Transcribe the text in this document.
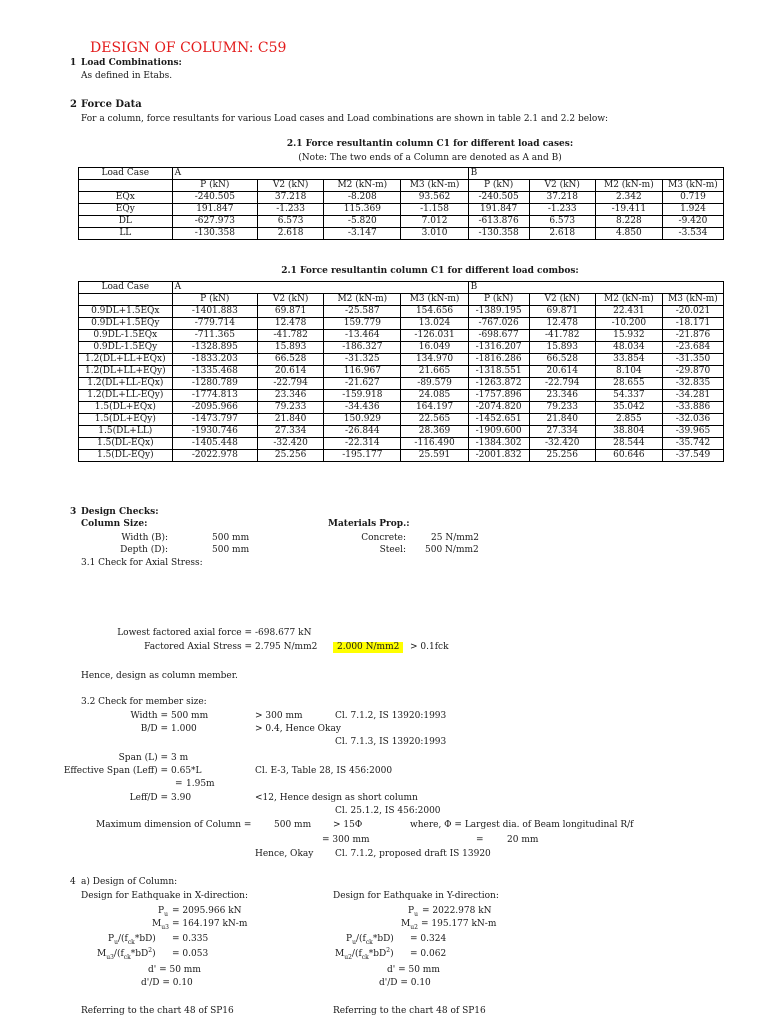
DESIGN OF COLUMN: C59
1 Load Combinations:
As defined in Etabs.
2 Force Data
For a column, force resultants for various Load cases and Load combinations are shown in table 2.1 and 2.2 below:
2.1 Force resultantin column C1 for different load cases:
(Note: The two ends of a Column are denoted as A and B)
Load Case	A				B			
	P (kN)	V2 (kN)	M2 (kN-m)	M3 (kN-m)	P (kN)	V2 (kN)	M2 (kN-m)	M3 (kN-m)
EQx	-240.505	37.218	-8.208	93.562	-240.505	37.218	2.342	0.719
EQy	191.847	-1.233	115.369	-1.158	191.847	-1.233	-19.411	1.924
DL	-627.973	6.573	-5.820	7.012	-613.876	6.573	8.228	-9.420
LL	-130.358	2.618	-3.147	3.010	-130.358	2.618	4.850	-3.534
2.1 Force resultantin column C1 for different load combos:
Load Case	A				B			
	P (kN)	V2 (kN)	M2 (kN-m)	M3 (kN-m)	P (kN)	V2 (kN)	M2 (kN-m)	M3 (kN-m)
0.9DL+1.5EQx	-1401.883	69.871	-25.587	154.656	-1389.195	69.871	22.431	-20.021
0.9DL+1.5EQy	-779.714	12.478	159.779	13.024	-767.026	12.478	-10.200	-18.171
0.9DL-1.5EQx	-711.365	-41.782	-13.464	-126.031	-698.677	-41.782	15.932	-21.876
0.9DL-1.5EQy	-1328.895	15.893	-186.327	16.049	-1316.207	15.893	48.034	-23.684
1.2(DL+LL+EQx)	-1833.203	66.528	-31.325	134.970	-1816.286	66.528	33.854	-31.350
1.2(DL+LL+EQy)	-1335.468	20.614	116.967	21.665	-1318.551	20.614	8.104	-29.870
1.2(DL+LL-EQx)	-1280.789	-22.794	-21.627	-89.579	-1263.872	-22.794	28.655	-32.835
1.2(DL+LL-EQy)	-1774.813	23.346	-159.918	24.085	-1757.896	23.346	54.337	-34.281
1.5(DL+EQx)	-2095.966	79.233	-34.436	164.197	-2074.820	79.233	35.042	-33.886
1.5(DL+EQy)	-1473.797	21.840	150.929	22.565	-1452.651	21.840	2.855	-32.036
1.5(DL+LL)	-1930.746	27.334	-26.844	28.369	-1909.600	27.334	38.804	-39.965
1.5(DL-EQx)	-1405.448	-32.420	-22.314	-116.490	-1384.302	-32.420	28.544	-35.742
1.5(DL-EQy)	-2022.978	25.256	-195.177	25.591	-2001.832	25.256	60.646	-37.549
3 Design Checks:
Column Size:	Materials Prop.:
Width (B):	500 mm	Concrete:	25 N/mm2
Depth (D):	500 mm	Steel: 500 N/mm2
3.1 Check for Axial Stress:
Lowest factored axial force = -698.677 kN
Factored Axial Stress = 2.795 N/mm2	2.000 N/mm2	> 0.1fck
Hence, design as column member.
3.2 Check for member size:
Width = 500 mm	> 300 mm	Cl. 7.1.2, IS 13920:1993
B/D = 1.000	> 0.4, Hence Okay
Cl. 7.1.3, IS 13920:1993
Span (L) = 3 m
Effective Span (Leff) = 0.65*L	Cl. E-3, Table 28, IS 456:2000
= 1.95m
Leff/D = 3.90	<12, Hence design as short column
Cl. 25.1.2, IS 456:2000
Maximum dimension of Column =	500 mm > 15Φ	where, Φ = Largest dia. of Beam longitudinal R/f
= 300 mm	=	20 mm
Hence, Okay Cl. 7.1.2, proposed draft IS 13920
4 a) Design of Column:
Design for Eathquake in X-direction:	Design for Eathquake in Y-direction:
$P_u = 2095.966$ kN	$P_u = 2022.978$ kN
$M_{u3} = 164.197$ kN-m	$M_{u2} = 195.177$ kN-m
$P_u/(f_{ck}*bD) = 0.335$	$P_u/(f_{ck}*bD) = 0.324$
$M_{u3}/(f_{ck}*bD^2) = 0.053$	$M_{u2}/(f_{ck}*bD^2) = 0.062$
d' = 50 mm	d' = 50 mm
d'/D = 0.10	d'/D = 0.10
Referring to the chart 48 of SP16	Referring to the chart 48 of SP16
